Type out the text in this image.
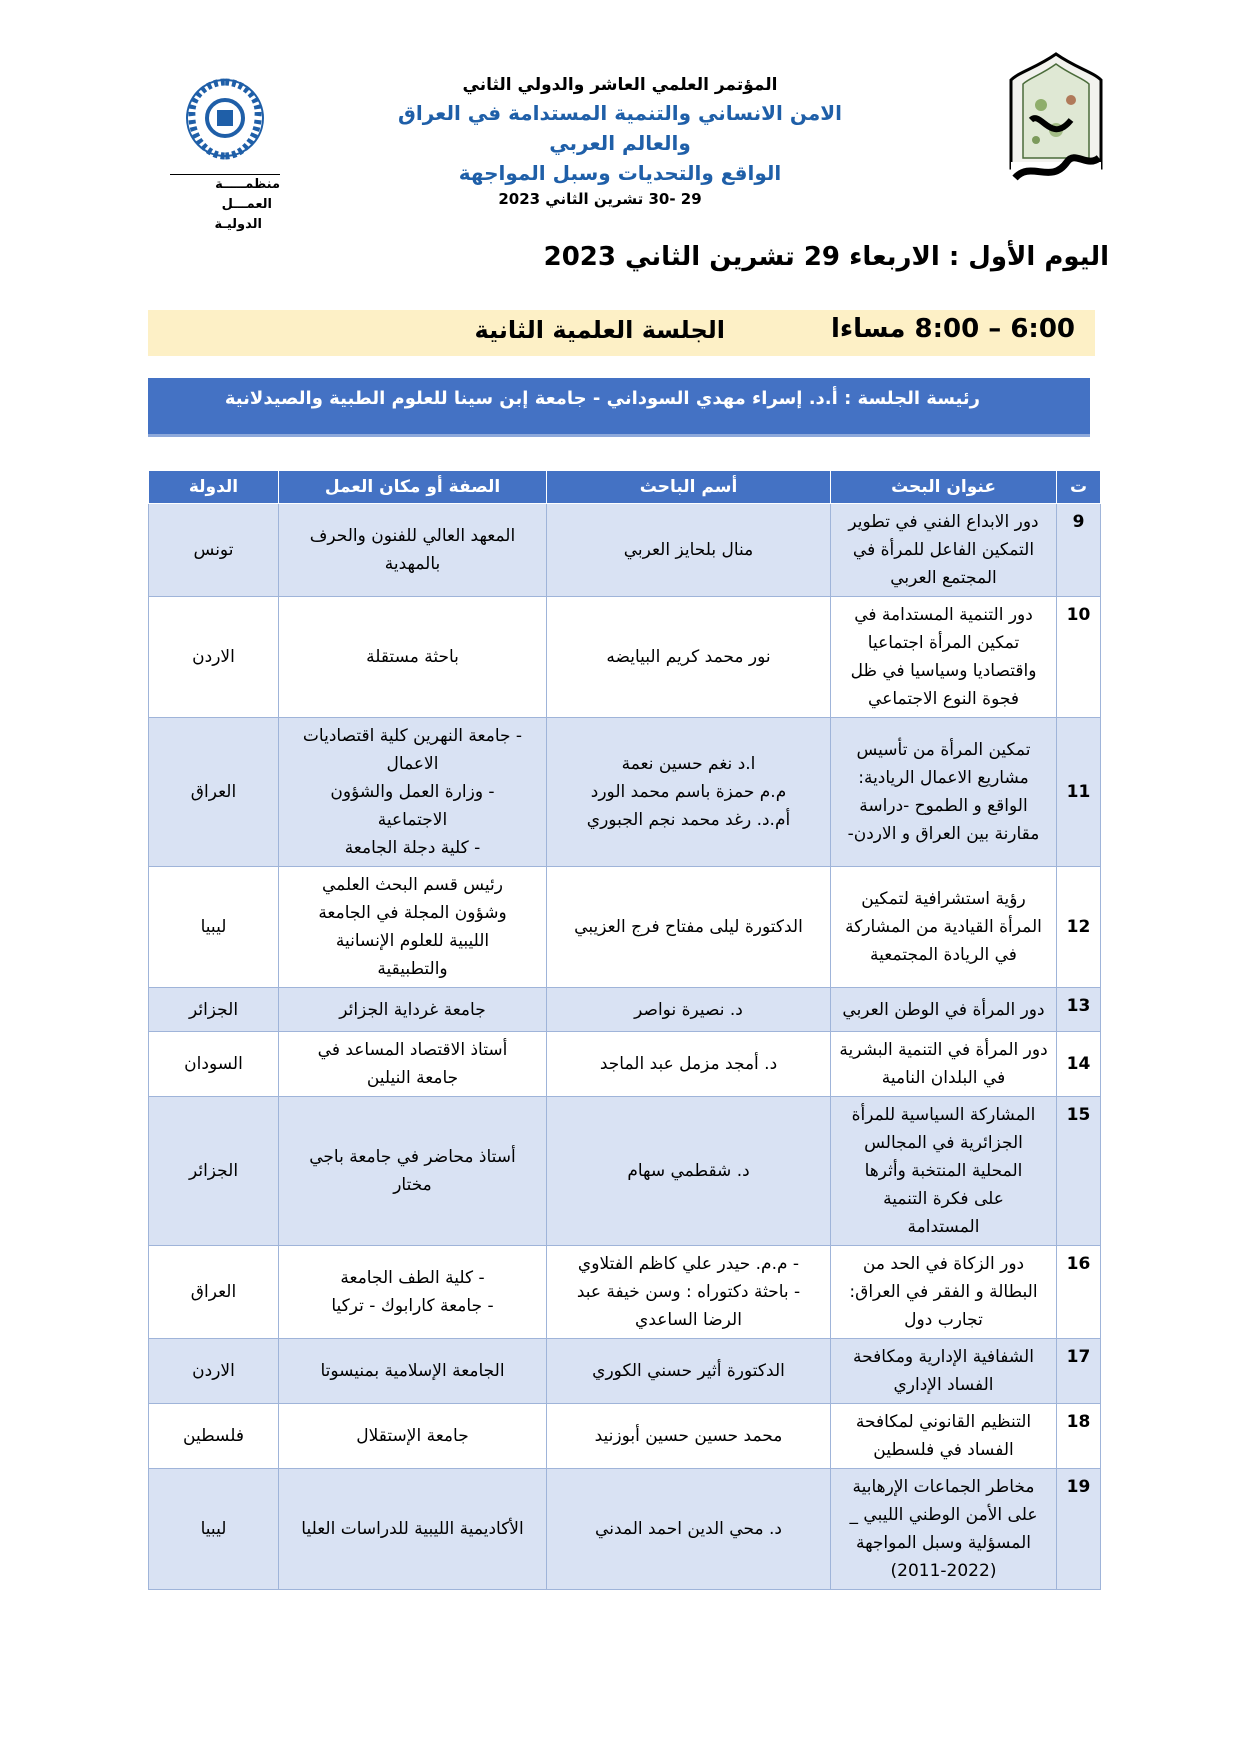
منظمـــــة
العمـــل
الدوليـة
المؤتمر العلمي العاشر والدولي الثاني
الامن الانساني والتنمية المستدامة في العراق والعالم العربي
الواقع والتحديات وسبل المواجهة
29 -30 تشرين الثاني 2023
اليوم الأول : الاربعاء 29 تشرين الثاني 2023
6:00 – 8:00 مساءا
الجلسة العلمية الثانية
رئيسة الجلسة : أ.د. إسراء مهدي السوداني - جامعة إبن سينا للعلوم الطبية والصيدلانية
ت	عنوان البحث	أسم الباحث	الصفة أو مكان العمل	الدولة
9	دور الابداع الفني في تطوير
التمكين الفاعل للمرأة في
المجتمع العربي	منال بلحايز العربي	المعهد العالي للفنون والحرف
بالمهدية	تونس
10	دور التنمية المستدامة في
تمكين المرأة اجتماعيا
واقتصاديا وسياسيا في ظل
فجوة النوع الاجتماعي	نور محمد كريم البيايضه	باحثة مستقلة	الاردن
11	تمكين المرأة من تأسيس
مشاريع الاعمال الريادية:
الواقع و الطموح -دراسة
مقارنة بين العراق و الاردن-	ا.د نغم حسين نعمة
م.م حمزة باسم محمد الورد
أم.د. رغد محمد نجم الجبوري	- جامعة النهرين كلية اقتصاديات
الاعمال
- وزارة العمل والشؤون
الاجتماعية
- كلية دجلة الجامعة	العراق
12	رؤية استشرافية لتمكين
المرأة القيادية من المشاركة
في الريادة المجتمعية	الدكتورة ليلى مفتاح فرج العزيبي	رئيس قسم البحث العلمي
وشؤون المجلة في الجامعة
الليبية للعلوم الإنسانية
والتطبيقية	ليبيا
13	دور المرأة في الوطن العربي	د. نصيرة نواصر	جامعة غرداية الجزائر	الجزائر
14	دور المرأة في التنمية البشرية
في البلدان النامية	د. أمجد مزمل عبد الماجد	أستاذ الاقتصاد المساعد في
جامعة النيلين	السودان
15	المشاركة السياسية للمرأة
الجزائرية في المجالس
المحلية المنتخبة وأثرها
على فكرة التنمية
المستدامة	د. شقطمي سهام	أستاذ محاضر في جامعة باجي
مختار	الجزائر
16	دور الزكاة في الحد من
البطالة و الفقر في العراق:
تجارب دول	- م.م. حيدر علي كاظم الفتلاوي
- باحثة دكتوراه : وسن خيفة عبد
الرضا الساعدي	- كلية الطف الجامعة
- جامعة كارابوك - تركيا	العراق
17	الشفافية الإدارية ومكافحة
الفساد الإداري	الدكتورة أثير حسني الكوري	الجامعة الإسلامية بمنيسوتا	الاردن
18	التنظيم القانوني لمكافحة
الفساد في فلسطين	محمد حسين حسين أبوزنيد	جامعة الإستقلال	فلسطين
19	مخاطر الجماعات الإرهابية
على الأمن الوطني الليبي _
المسؤلية وسبل المواجهة
(2011-2022)	د. محي الدين احمد المدني	الأكاديمية الليبية للدراسات العليا	ليبيا
